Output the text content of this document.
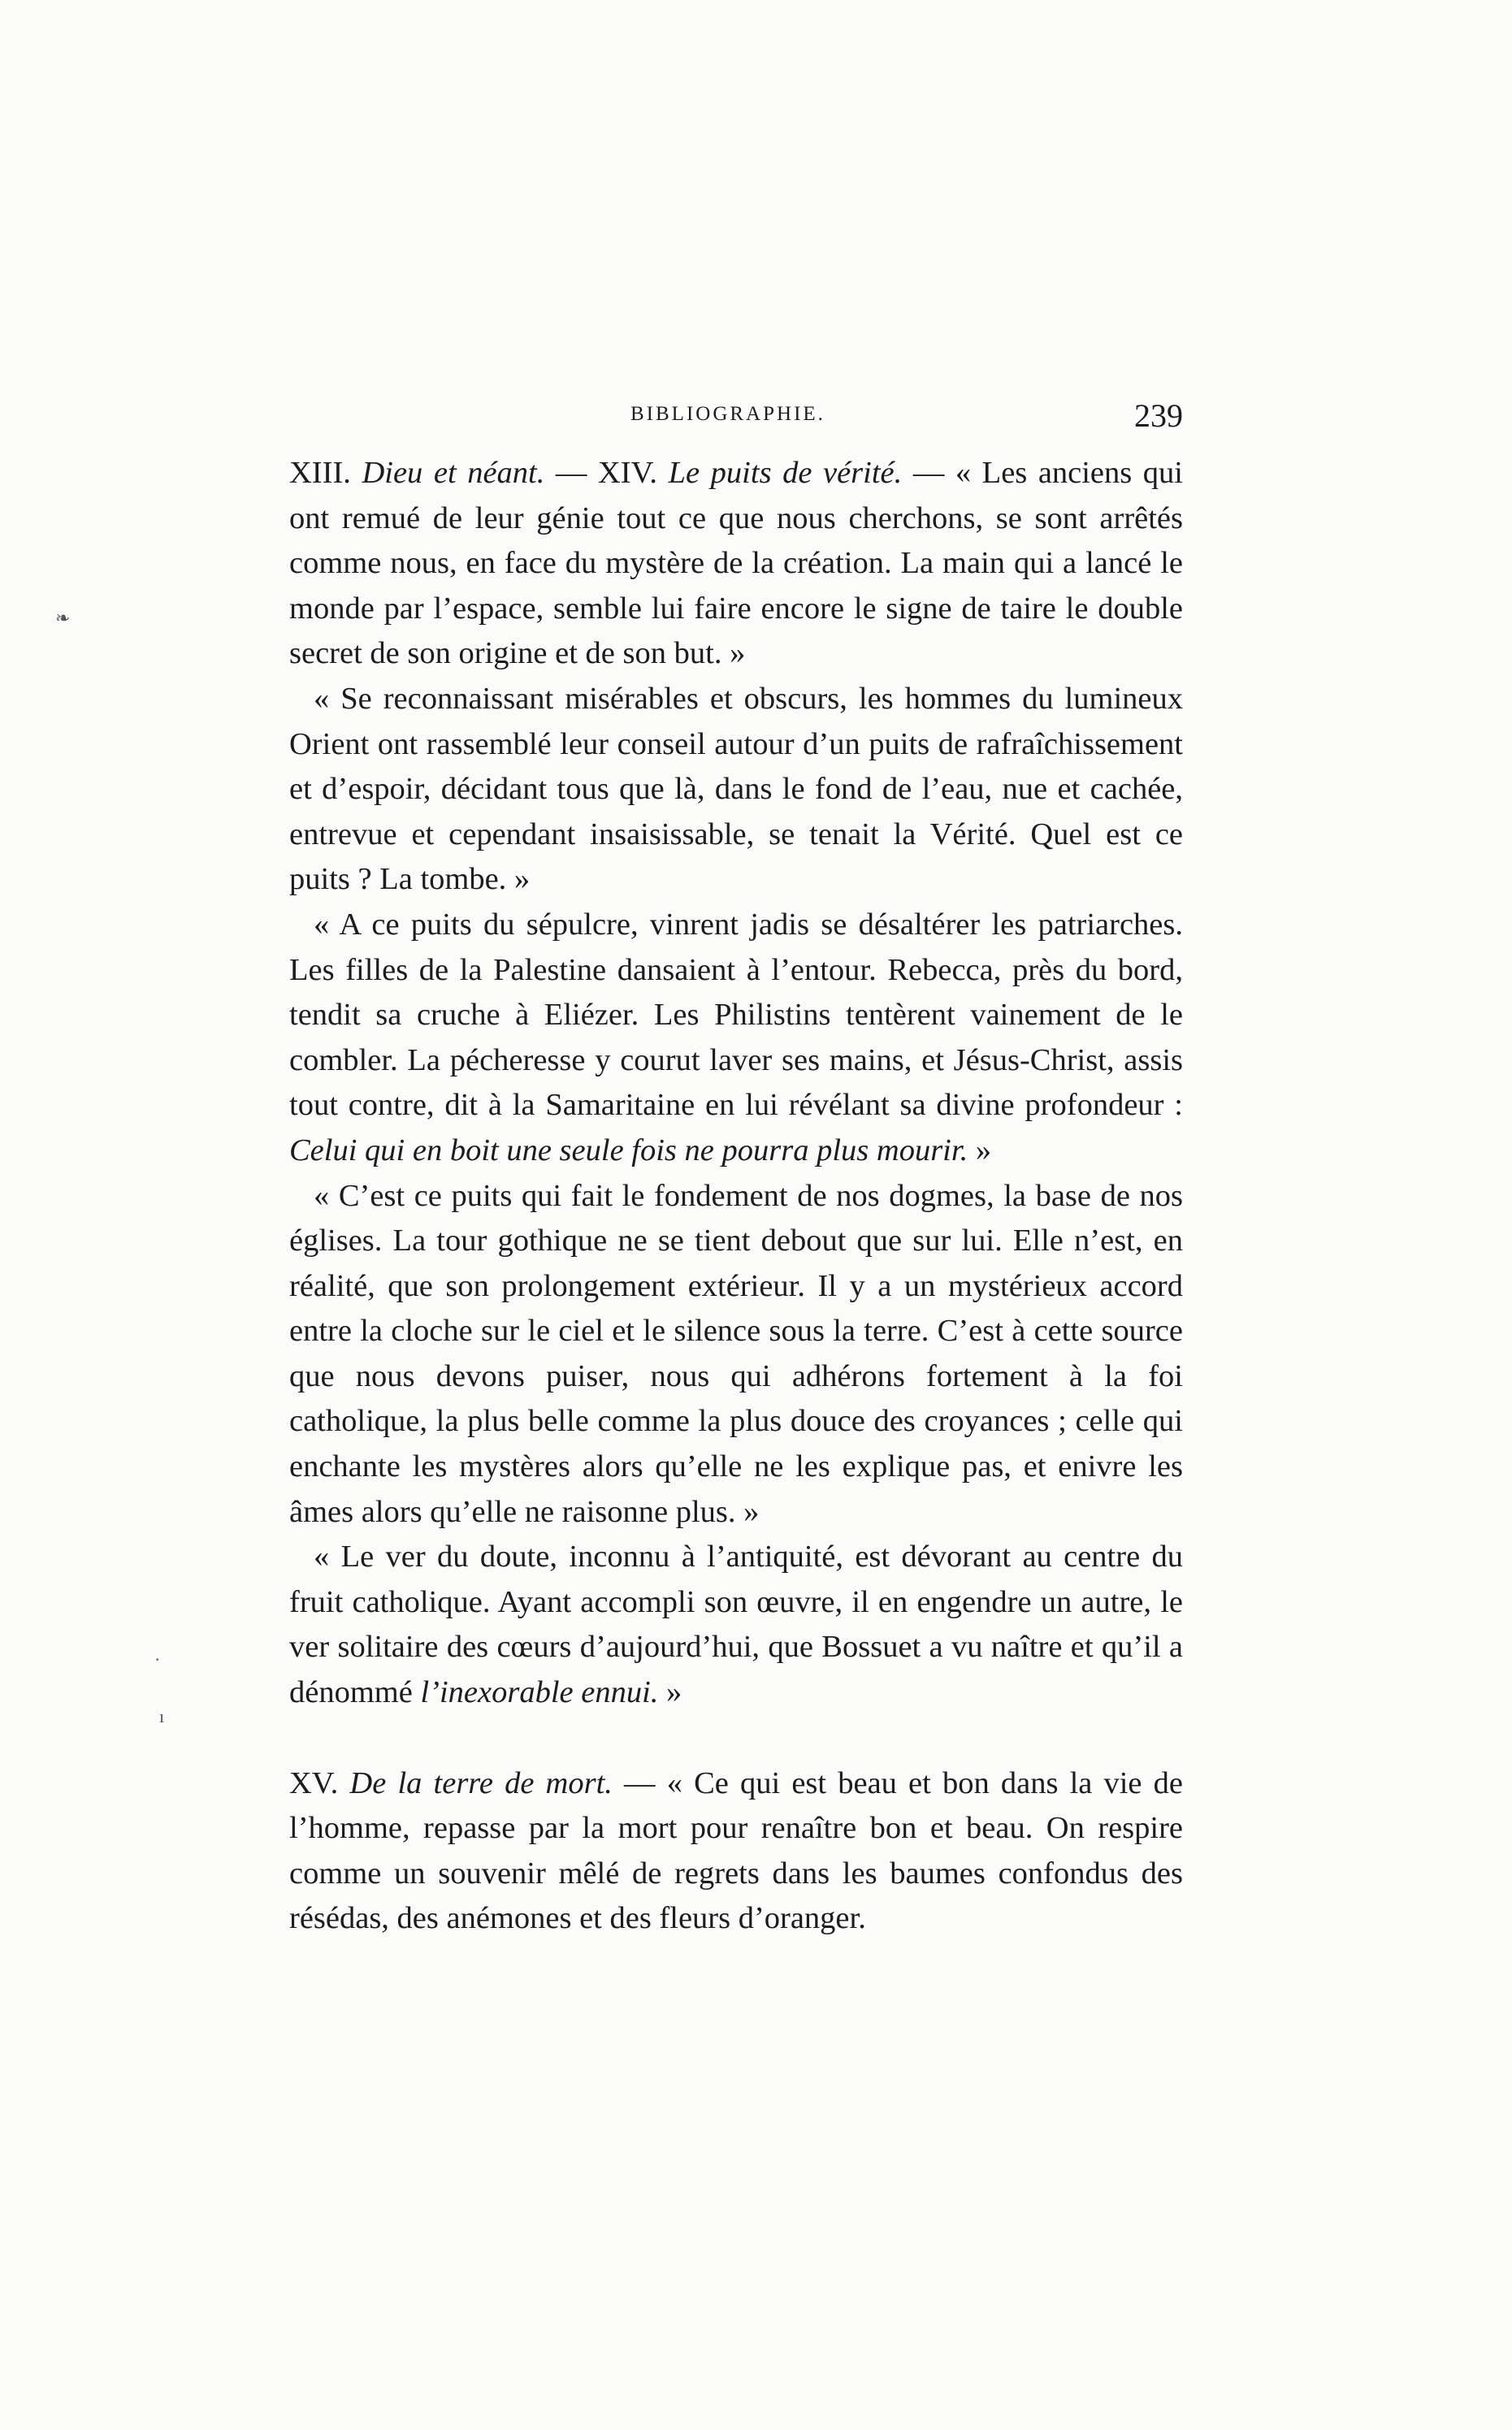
BIBLIOGRAPHIE.	239

XIII. Dieu et néant. — XIV. Le puits de vérité. — « Les anciens qui ont remué de leur génie tout ce que nous cherchons, se sont arrêtés comme nous, en face du mystère de la création. La main qui a lancé le monde par l’espace, semble lui faire encore le signe de taire le double secret de son origine et de son but. »

« Se reconnaissant misérables et obscurs, les hommes du lumineux Orient ont rassemblé leur conseil autour d’un puits de rafraîchissement et d’espoir, décidant tous que là, dans le fond de l’eau, nue et cachée, entrevue et cependant insaisissable, se tenait la Vérité. Quel est ce puits ? La tombe. »

« A ce puits du sépulcre, vinrent jadis se désaltérer les patriarches. Les filles de la Palestine dansaient à l’entour. Rebecca, près du bord, tendit sa cruche à Eliézer. Les Philistins tentèrent vainement de le combler. La pécheresse y courut laver ses mains, et Jésus-Christ, assis tout contre, dit à la Samaritaine en lui révélant sa divine profondeur : Celui qui en boit une seule fois ne pourra plus mourir. »

« C’est ce puits qui fait le fondement de nos dogmes, la base de nos églises. La tour gothique ne se tient debout que sur lui. Elle n’est, en réalité, que son prolongement extérieur. Il y a un mystérieux accord entre la cloche sur le ciel et le silence sous la terre. C’est à cette source que nous devons puiser, nous qui adhérons fortement à la foi catholique, la plus belle comme la plus douce des croyances ; celle qui enchante les mystères alors qu’elle ne les explique pas, et enivre les âmes alors qu’elle ne raisonne plus. »

« Le ver du doute, inconnu à l’antiquité, est dévorant au centre du fruit catholique. Ayant accompli son œuvre, il en engendre un autre, le ver solitaire des cœurs d’aujourd’hui, que Bossuet a vu naître et qu’il a dénommé l’inexorable ennui. »

XV. De la terre de mort. — « Ce qui est beau et bon dans la vie de l’homme, repasse par la mort pour renaître bon et beau. On respire comme un souvenir mêlé de regrets dans les baumes confondus des résédas, des anémones et des fleurs d’oranger.

❧
·
ı
